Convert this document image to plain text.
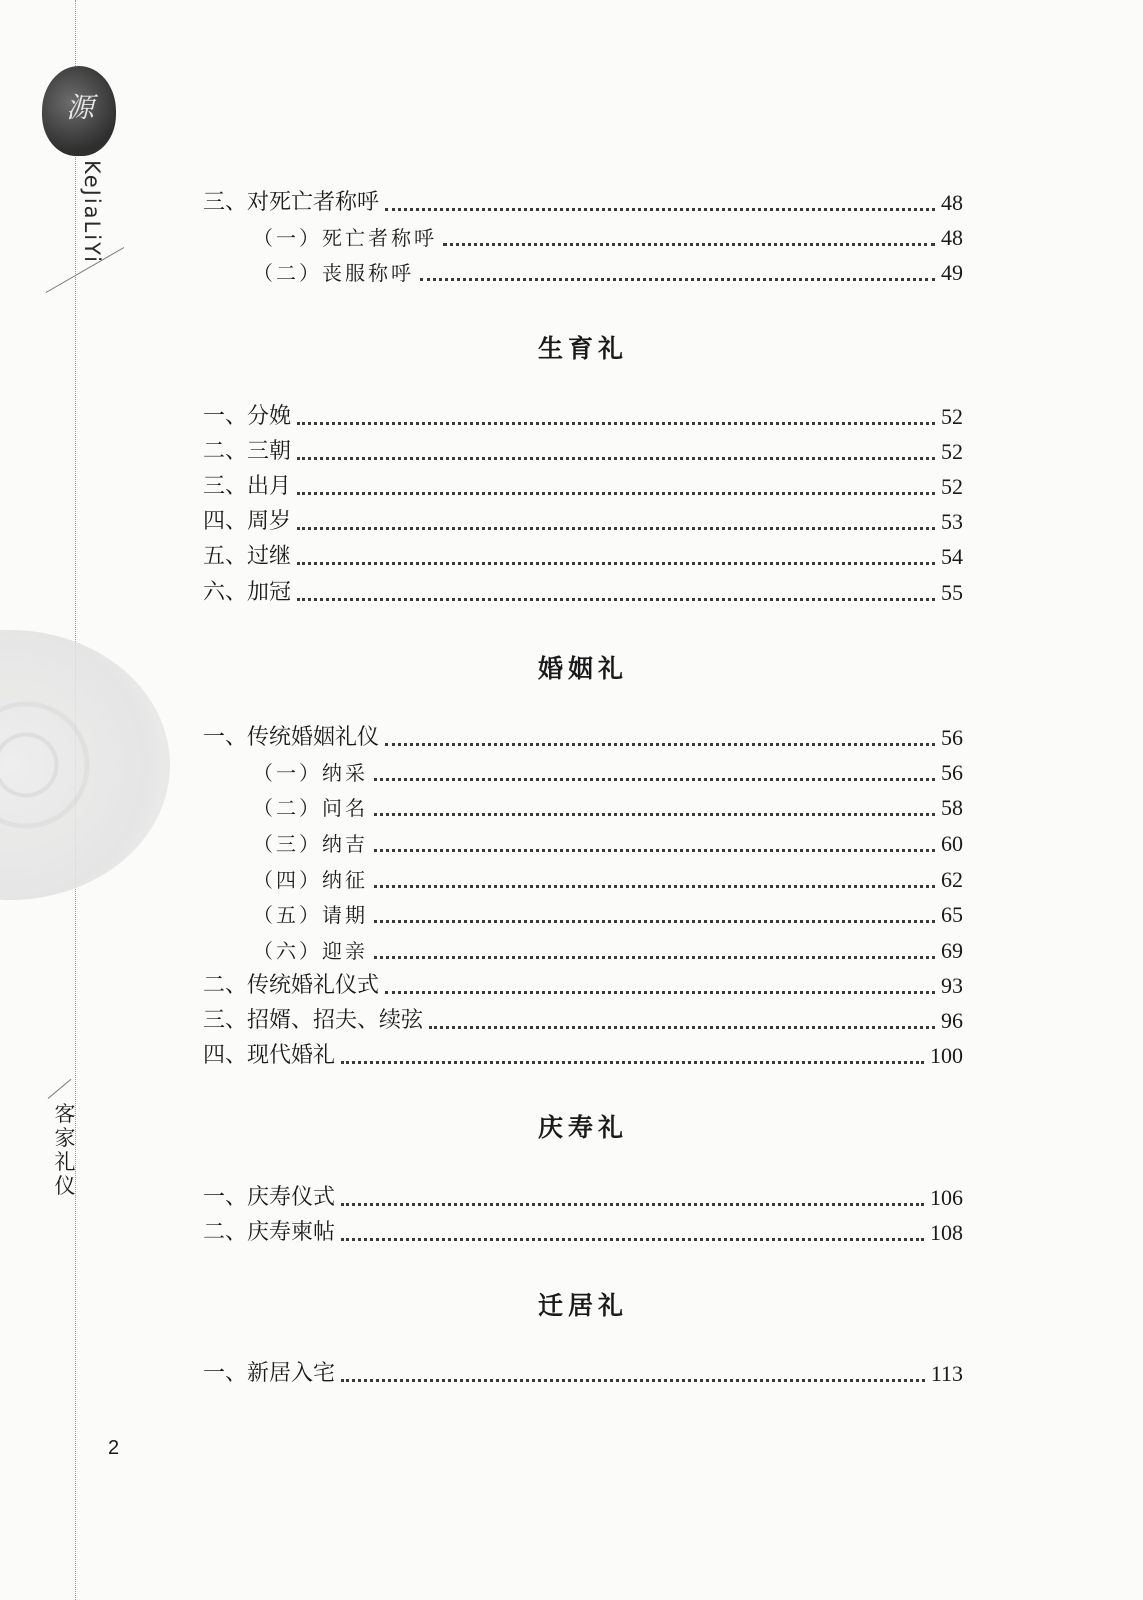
源
KeJiaLiYi
客家礼仪
2
三、对死亡者称呼	48
（一）死亡者称呼	48
（二）丧服称呼	49
生育礼
一、分娩	52
二、三朝	52
三、出月	52
四、周岁	53
五、过继	54
六、加冠	55
婚姻礼
一、传统婚姻礼仪	56
（一）纳采	56
（二）问名	58
（三）纳吉	60
（四）纳征	62
（五）请期	65
（六）迎亲	69
二、传统婚礼仪式	93
三、招婿、招夫、续弦	96
四、现代婚礼	100
庆寿礼
一、庆寿仪式	106
二、庆寿柬帖	108
迁居礼
一、新居入宅	113
